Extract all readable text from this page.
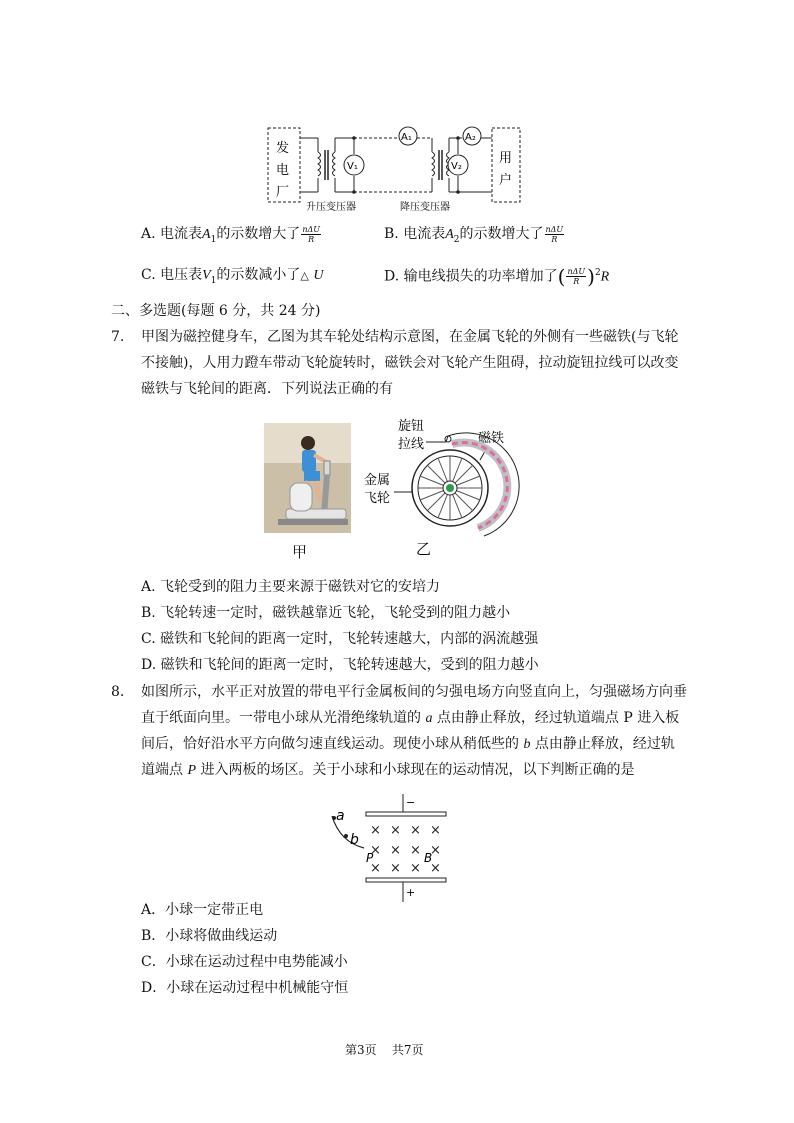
发
电
厂
V₁
A₁
V₂
A₂
用
户
升压变压器	降压变压器
A. 电流表$A_1$的示数增大了 $\frac{\text{nΔU}}{R}$	B. 电流表$A_2$的示数增大了 $\frac{\text{nΔU}}{R}$
C. 电压表$V_1$的示数减小了△ U	D. 输电线损失的功率增加了( $\frac{\text{nΔU}}{R} )^2R$
二、多选题(每题 6 分，共 24 分)
7. 甲图为磁控健身车，乙图为其车轮处结构示意图，在金属飞轮的外侧有一些磁铁(与飞轮
不接触)，人用力蹬车带动飞轮旋转时，磁铁会对飞轮产生阻碍，拉动旋钮拉线可以改变
磁铁与飞轮间的距离．下列说法正确的有
甲
旋钮
拉线	磁铁
金属
飞轮
乙
A. 飞轮受到的阻力主要来源于磁铁对它的安培力
B. 飞轮转速一定时，磁铁越靠近飞轮，飞轮受到的阻力越小
C. 磁铁和飞轮间的距离一定时，飞轮转速越大，内部的涡流越强
D. 磁铁和飞轮间的距离一定时，飞轮转速越大，受到的阻力越小
8. 如图所示，水平正对放置的带电平行金属板间的匀强电场方向竖直向上，匀强磁场方向垂
直于纸面向里。一带电小球从光滑绝缘轨道的 a 点由静止释放，经过轨道端点 P 进入板
间后，恰好沿水平方向做匀速直线运动。现使小球从稍低些的 b 点由静止释放，经过轨
道端点 P 进入两板的场区。关于小球和小球现在的运动情况，以下判断正确的是
−
+
× × × ×
× × × ×
× × × ×
a
b
P	B
A．小球一定带正电
B．小球将做曲线运动
C．小球在运动过程中电势能减小
D．小球在运动过程中机械能守恒
第3页    共7页
